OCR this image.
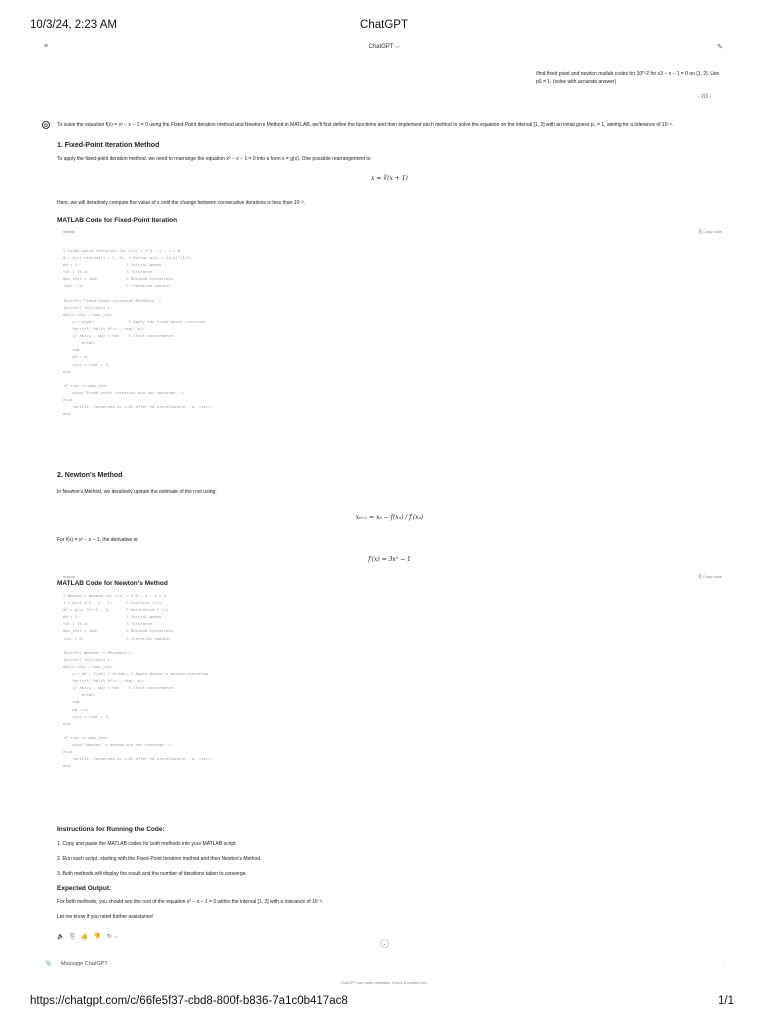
10/3/24, 2:23 AM	ChatGPT
≡	ChatGPT ⌵	✎
/find fixed point and newton matlab codes for 10^-2 for x3 − x − 1 = 0 on [1, 2]. Use p0 = 1. (solve with accurate answer)
‹ 2/2 ›
✿	To solve the equation f(x) = x³ − x − 1 = 0 using the Fixed-Point Iteration method and Newton's Method in MATLAB, we'll first define the functions and then implement each method to solve the equation on the interval [1, 2] with an initial guess p₀ = 1, aiming for a tolerance of 10⁻².

1. Fixed-Point Iteration Method

To apply the fixed-point iteration method, we need to rearrange the equation x³ − x − 1 = 0 into a form x = g(x). One possible rearrangement is:

x = ∛(x + 1)

Here, we will iteratively compute the value of x until the change between consecutive iterations is less than 10⁻².

MATLAB Code for Fixed-Point Iteration

matlab	⎘ Copy code
% Fixed-point iteration for f(x) = x^3 - x - 1 = 0
g = @(x) nthroot(x + 1, 3); % Define g(x) = (x+1)^(1/3)
p0 = 1;                    % Initial guess
tol = 1e-2;                % Tolerance
max_iter = 100;            % Maximum iterations
iter = 0;                  % Iteration counter

fprintf('Fixed-Point Iteration Method\n');
fprintf('Iter\tp\n');
while iter < max_iter
p = g(p0);              % Apply the fixed-point iteration
fprintf('%d\t%.6f\n', iter, p);
if abs(p - p0) < tol    % Check convergence
break;
end
p0 = p;
iter = iter + 1;
end

if iter == max_iter
disp('Fixed-point iteration did not converge.');
else
fprintf('Converged to %.6f after %d iterations\n', p, iter);
end

2. Newton's Method

In Newton's Method, we iteratively update the estimate of the root using:

xₙ₊₁ = xₙ − f(xₙ) / f′(xₙ)

For f(x) = x³ − x − 1, the derivative is:

f′(x) = 3x² − 1

MATLAB Code for Newton's Method

matlab	⎘ Copy code
% Newton's method for f(x) = x^3 - x - 1 = 0
f = @(x) x^3 - x - 1;      % Function f(x)
df = @(x) 3*x^2 - 1;       % Derivative f'(x)
p0 = 1;                    % Initial guess
tol = 1e-2;                % Tolerance
max_iter = 100;            % Maximum iterations
iter = 0;                  % Iteration counter

fprintf('Newton''s Method\n');
fprintf('Iter\tp\n');
while iter < max_iter
p = p0 - f(p0) / df(p0); % Apply Newton's method iteration
fprintf('%d\t%.6f\n', iter, p);
if abs(p - p0) < tol    % Check convergence
break;
end
p0 = p;
iter = iter + 1;
end

if iter == max_iter
disp('Newton''s method did not converge.');
else
fprintf('Converged to %.6f after %d iterations\n', p, iter);
end

Instructions for Running the Code:

1. Copy and paste the MATLAB codes for both methods into your MATLAB script.
2. Run each script, starting with the Fixed-Point Iteration method and then Newton's Method.
3. Both methods will display the result and the number of iterations taken to converge.

Expected Output:

For both methods, you should see the root of the equation x³ − x − 1 = 0 within the interval [1, 2] with a tolerance of 10⁻².

Let me know if you need further assistance!

🔈 ⎘ 👍 👎 ↻⌵
⌄
📎 Message ChatGPT	↑
ChatGPT can make mistakes. Check important info.
https://chatgpt.com/c/66fe5f37-cbd8-800f-b836-7a1c0b417ac8	1/1
